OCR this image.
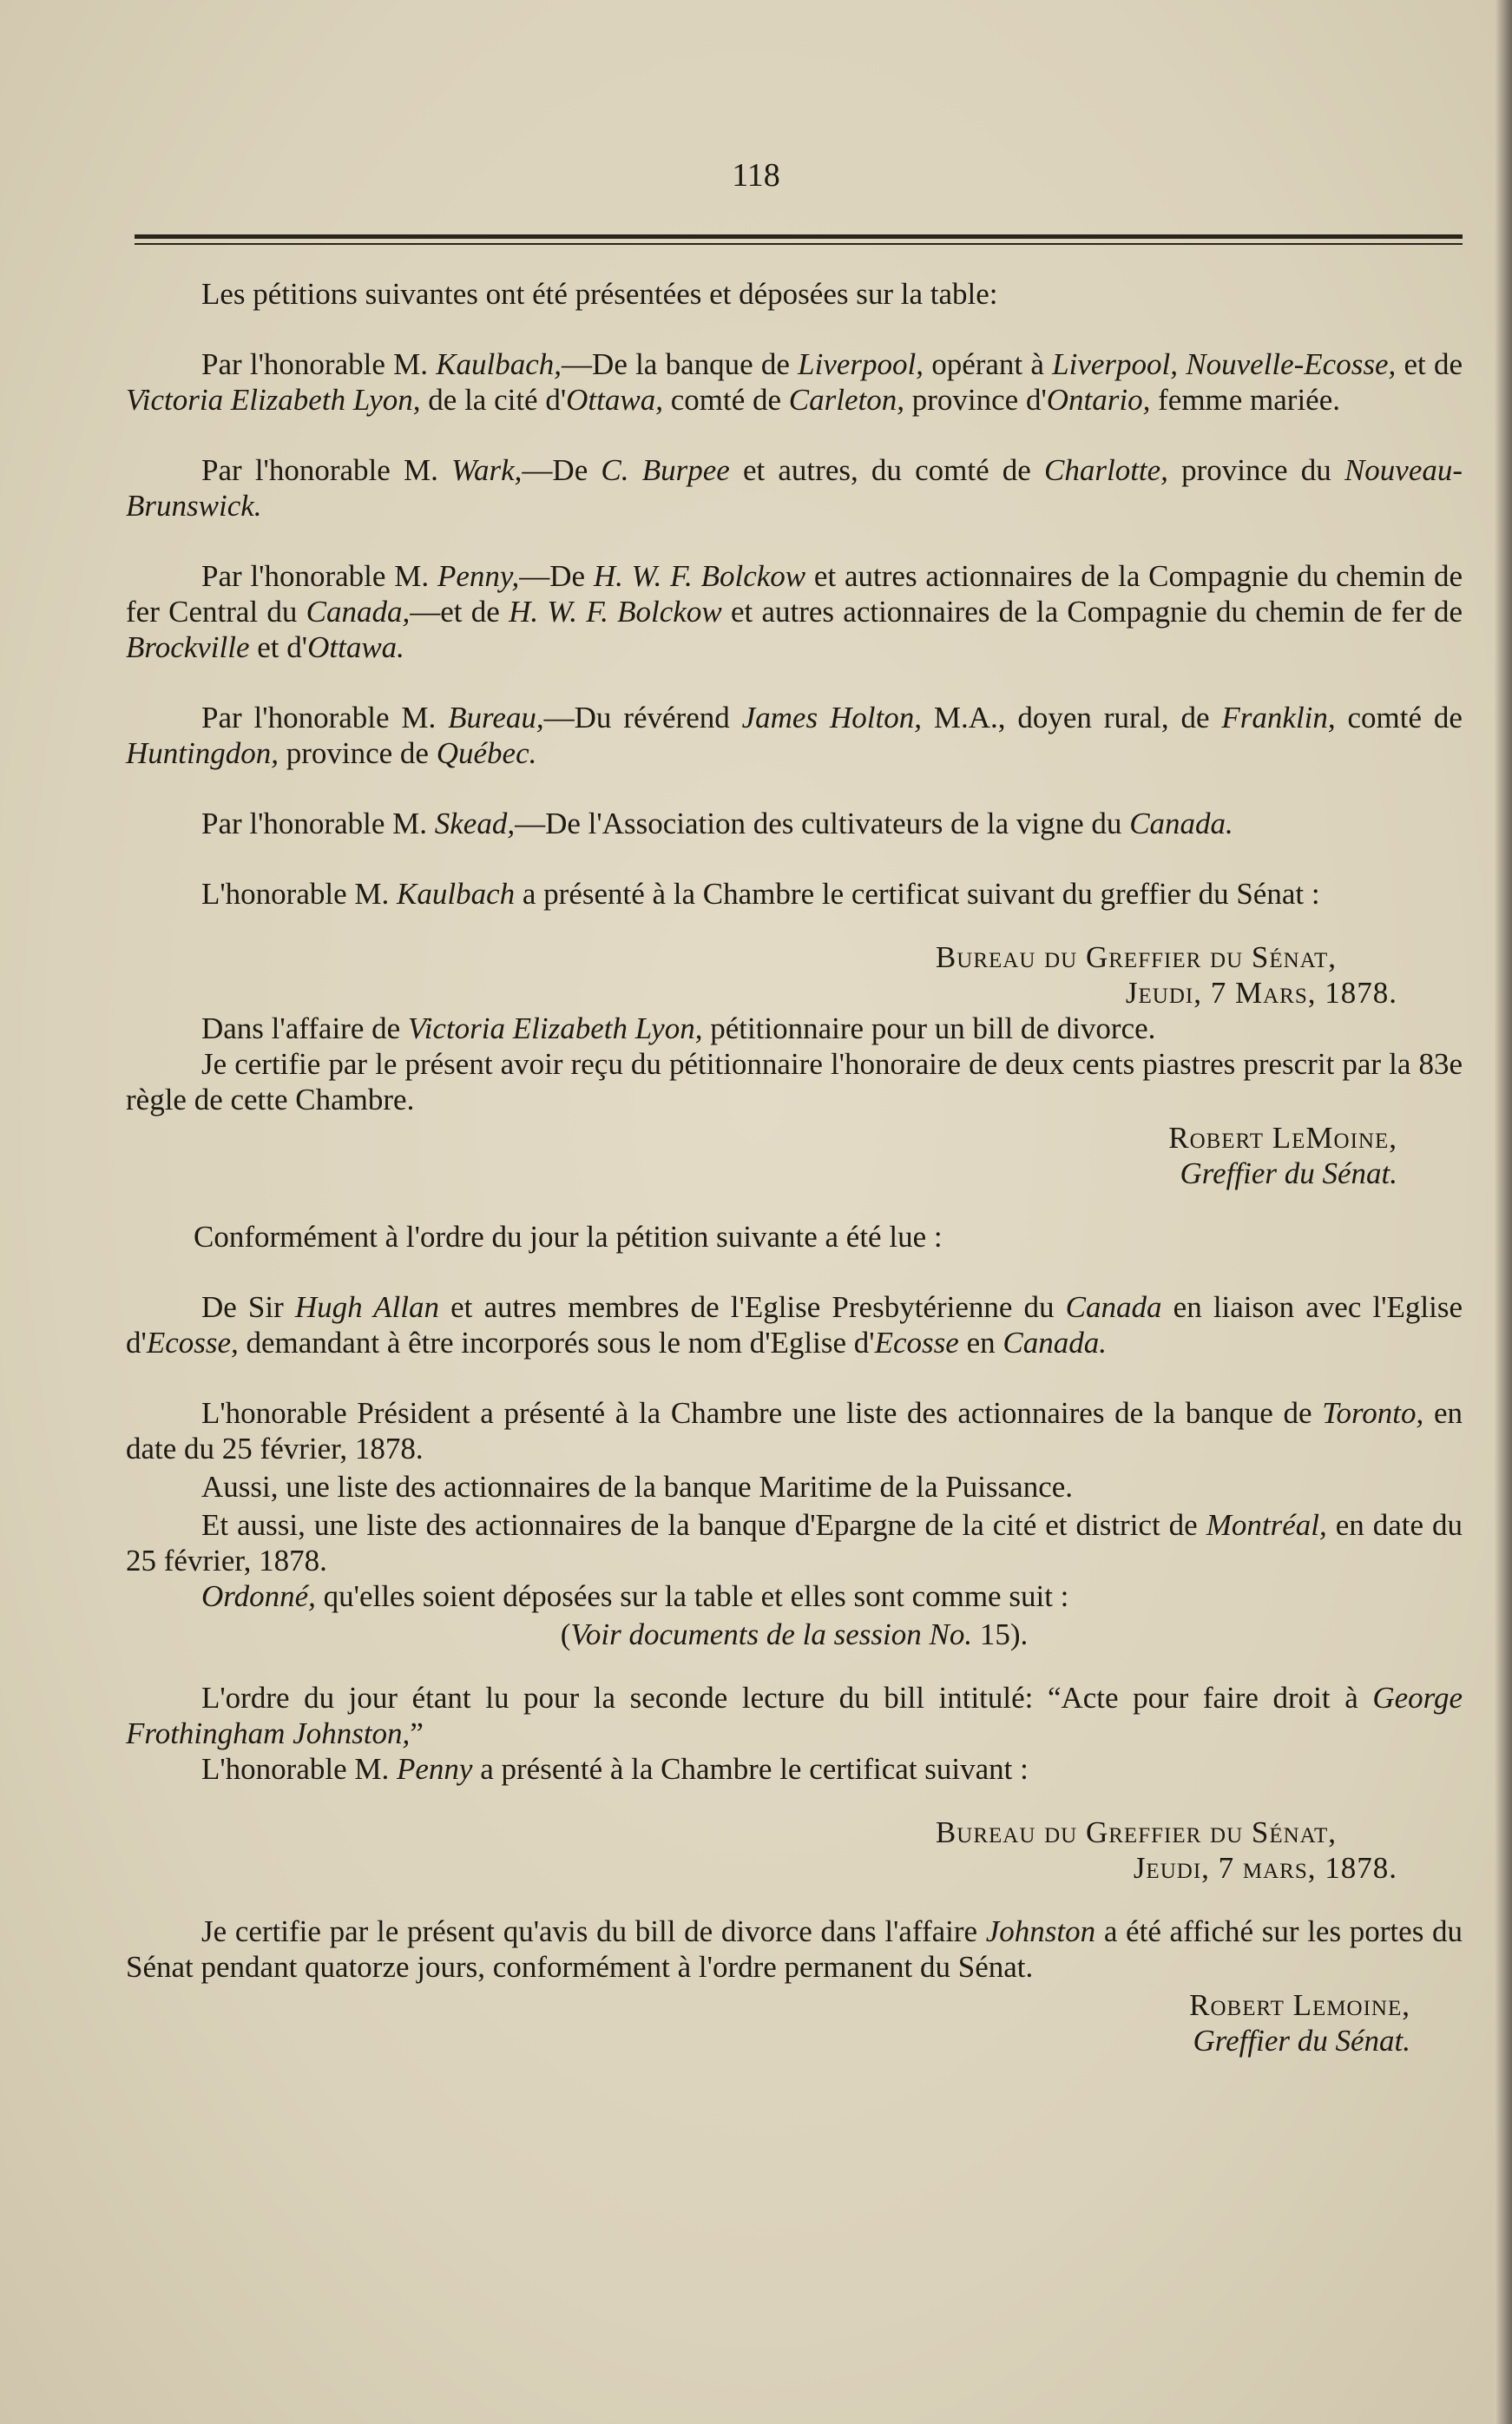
118

Les pétitions suivantes ont été présentées et déposées sur la table:

Par l'honorable M. Kaulbach,—De la banque de Liverpool, opérant à Liverpool, Nouvelle-Ecosse, et de Victoria Elizabeth Lyon, de la cité d'Ottawa, comté de Carleton, province d'Ontario, femme mariée.

Par l'honorable M. Wark,—De C. Burpee et autres, du comté de Charlotte, province du Nouveau-Brunswick.

Par l'honorable M. Penny,—De H. W. F. Bolckow et autres actionnaires de la Compagnie du chemin de fer Central du Canada,—et de H. W. F. Bolckow et autres actionnaires de la Compagnie du chemin de fer de Brockville et d'Ottawa.

Par l'honorable M. Bureau,—Du révérend James Holton, M.A., doyen rural, de Franklin, comté de Huntingdon, province de Québec.

Par l'honorable M. Skead,—De l'Association des cultivateurs de la vigne du Canada.

L'honorable M. Kaulbach a présenté à la Chambre le certificat suivant du greffier du Sénat :

Bureau du Greffier du Sénat,

Jeudi, 7 Mars, 1878.

Dans l'affaire de Victoria Elizabeth Lyon, pétitionnaire pour un bill de divorce.

Je certifie par le présent avoir reçu du pétitionnaire l'honoraire de deux cents piastres prescrit par la 83e règle de cette Chambre.

Robert LeMoine,

Greffier du Sénat.

Conformément à l'ordre du jour la pétition suivante a été lue :

De Sir Hugh Allan et autres membres de l'Eglise Presbytérienne du Canada en liaison avec l'Eglise d'Ecosse, demandant à être incorporés sous le nom d'Eglise d'Ecosse en Canada.

L'honorable Président a présenté à la Chambre une liste des actionnaires de la banque de Toronto, en date du 25 février, 1878.

Aussi, une liste des actionnaires de la banque Maritime de la Puissance.

Et aussi, une liste des actionnaires de la banque d'Epargne de la cité et district de Montréal, en date du 25 février, 1878.

Ordonné, qu'elles soient déposées sur la table et elles sont comme suit :

(Voir documents de la session No. 15).

L'ordre du jour étant lu pour la seconde lecture du bill intitulé: “Acte pour faire droit à George Frothingham Johnston,”

L'honorable M. Penny a présenté à la Chambre le certificat suivant :

Bureau du Greffier du Sénat,

Jeudi, 7 mars, 1878.

Je certifie par le présent qu'avis du bill de divorce dans l'affaire Johnston a été affiché sur les portes du Sénat pendant quatorze jours, conformément à l'ordre permanent du Sénat.

Robert Lemoine,

Greffier du Sénat.
